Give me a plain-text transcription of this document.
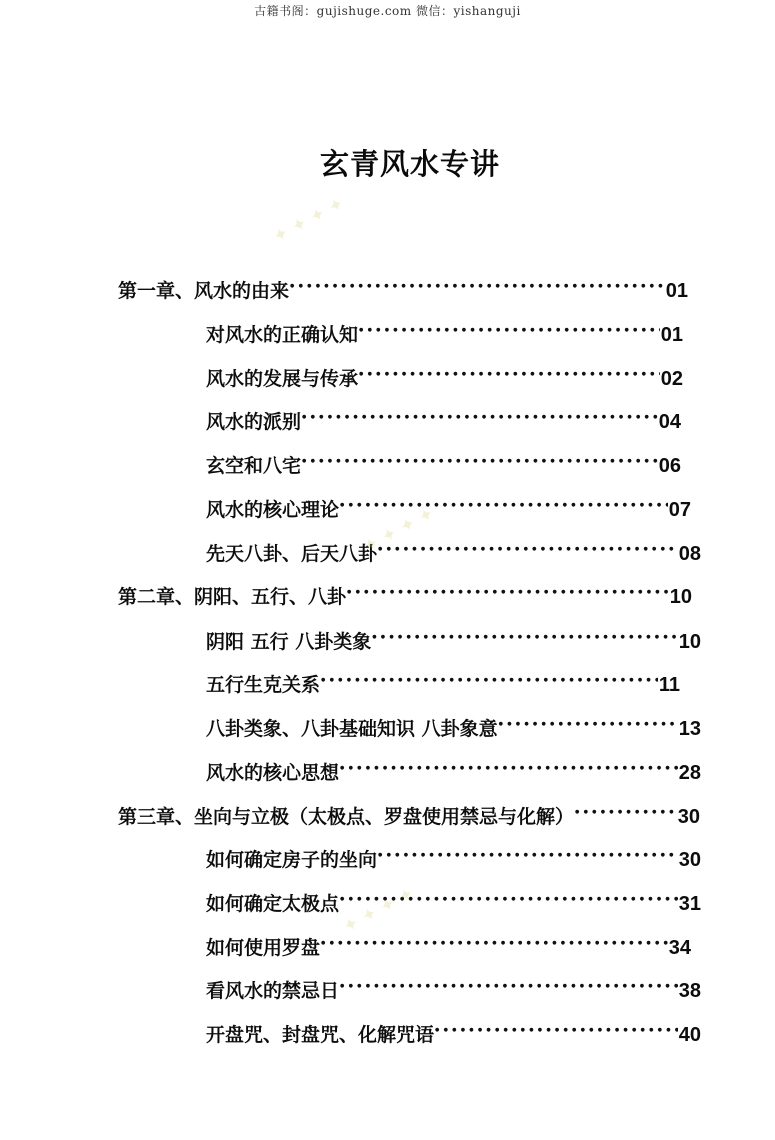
古籍书阁：gujishuge.com 微信：yishanguji
玄青风水专讲
第一章、风水的由来 ●●●●●●●●●●●●●●●●●●●●●●●●●●●●●●●●●●●●●●●●●●●●●●●●●●●●●●●●●●●●●●●●●●●●●●●●●●●●●●●●●●	01
对风水的正确认知 ●●●●●●●●●●●●●●●●●●●●●●●●●●●●●●●●●●●●●●●●●●●●●●●●●●●●●●●●●●●●●●●●●●●●●●●●●●●●●●●●●●	01
风水的发展与传承 ●●●●●●●●●●●●●●●●●●●●●●●●●●●●●●●●●●●●●●●●●●●●●●●●●●●●●●●●●●●●●●●●●●●●●●●●●●●●●●●●●●	02
风水的派别 ●●●●●●●●●●●●●●●●●●●●●●●●●●●●●●●●●●●●●●●●●●●●●●●●●●●●●●●●●●●●●●●●●●●●●●●●●●●●●●●●●●	04
玄空和八宅 ●●●●●●●●●●●●●●●●●●●●●●●●●●●●●●●●●●●●●●●●●●●●●●●●●●●●●●●●●●●●●●●●●●●●●●●●●●●●●●●●●●	06
风水的核心理论 ●●●●●●●●●●●●●●●●●●●●●●●●●●●●●●●●●●●●●●●●●●●●●●●●●●●●●●●●●●●●●●●●●●●●●●●●●●●●●●●●●●	07
先天八卦、后天八卦 ●●●●●●●●●●●●●●●●●●●●●●●●●●●●●●●●●●●●●●●●●●●●●●●●●●●●●●●●●●●●●●●●●●●●●●●●●●●●●●●●●●	08
第二章、阴阳、五行、八卦 ●●●●●●●●●●●●●●●●●●●●●●●●●●●●●●●●●●●●●●●●●●●●●●●●●●●●●●●●●●●●●●●●●●●●●●●●●●●●●●●●●●	10
阴阳 五行 八卦类象 ●●●●●●●●●●●●●●●●●●●●●●●●●●●●●●●●●●●●●●●●●●●●●●●●●●●●●●●●●●●●●●●●●●●●●●●●●●●●●●●●●●	10
五行生克关系 ●●●●●●●●●●●●●●●●●●●●●●●●●●●●●●●●●●●●●●●●●●●●●●●●●●●●●●●●●●●●●●●●●●●●●●●●●●●●●●●●●●	11
八卦类象、八卦基础知识 八卦象意 ●●●●●●●●●●●●●●●●●●●●●●●●●●●●●●●●●●●●●●●●●●●●●●●●●●●●●●●●●●●●●●●●●●●●●●●●●●●●●●●●●●	13
风水的核心思想 ●●●●●●●●●●●●●●●●●●●●●●●●●●●●●●●●●●●●●●●●●●●●●●●●●●●●●●●●●●●●●●●●●●●●●●●●●●●●●●●●●●	28
第三章、坐向与立极（太极点、罗盘使用禁忌与化解） ●●●●●●●●●●●●●●●●●●●●●●●●●●●●●●●●●●●●●●●●●●●●●●●●●●●●●●●●●●●●●●●●●●●●●●●●●●●●●●●●●●	30
如何确定房子的坐向 ●●●●●●●●●●●●●●●●●●●●●●●●●●●●●●●●●●●●●●●●●●●●●●●●●●●●●●●●●●●●●●●●●●●●●●●●●●●●●●●●●●	30
如何确定太极点 ●●●●●●●●●●●●●●●●●●●●●●●●●●●●●●●●●●●●●●●●●●●●●●●●●●●●●●●●●●●●●●●●●●●●●●●●●●●●●●●●●●	31
如何使用罗盘 ●●●●●●●●●●●●●●●●●●●●●●●●●●●●●●●●●●●●●●●●●●●●●●●●●●●●●●●●●●●●●●●●●●●●●●●●●●●●●●●●●●	34
看风水的禁忌日 ●●●●●●●●●●●●●●●●●●●●●●●●●●●●●●●●●●●●●●●●●●●●●●●●●●●●●●●●●●●●●●●●●●●●●●●●●●●●●●●●●●	38
开盘咒、封盘咒、化解咒语 ●●●●●●●●●●●●●●●●●●●●●●●●●●●●●●●●●●●●●●●●●●●●●●●●●●●●●●●●●●●●●●●●●●●●●●●●●●●●●●●●●●	40
✦ ✦ ✦ ✦
✦ ✦ ✦ ✦
✦ ✦ ✦ ✦
